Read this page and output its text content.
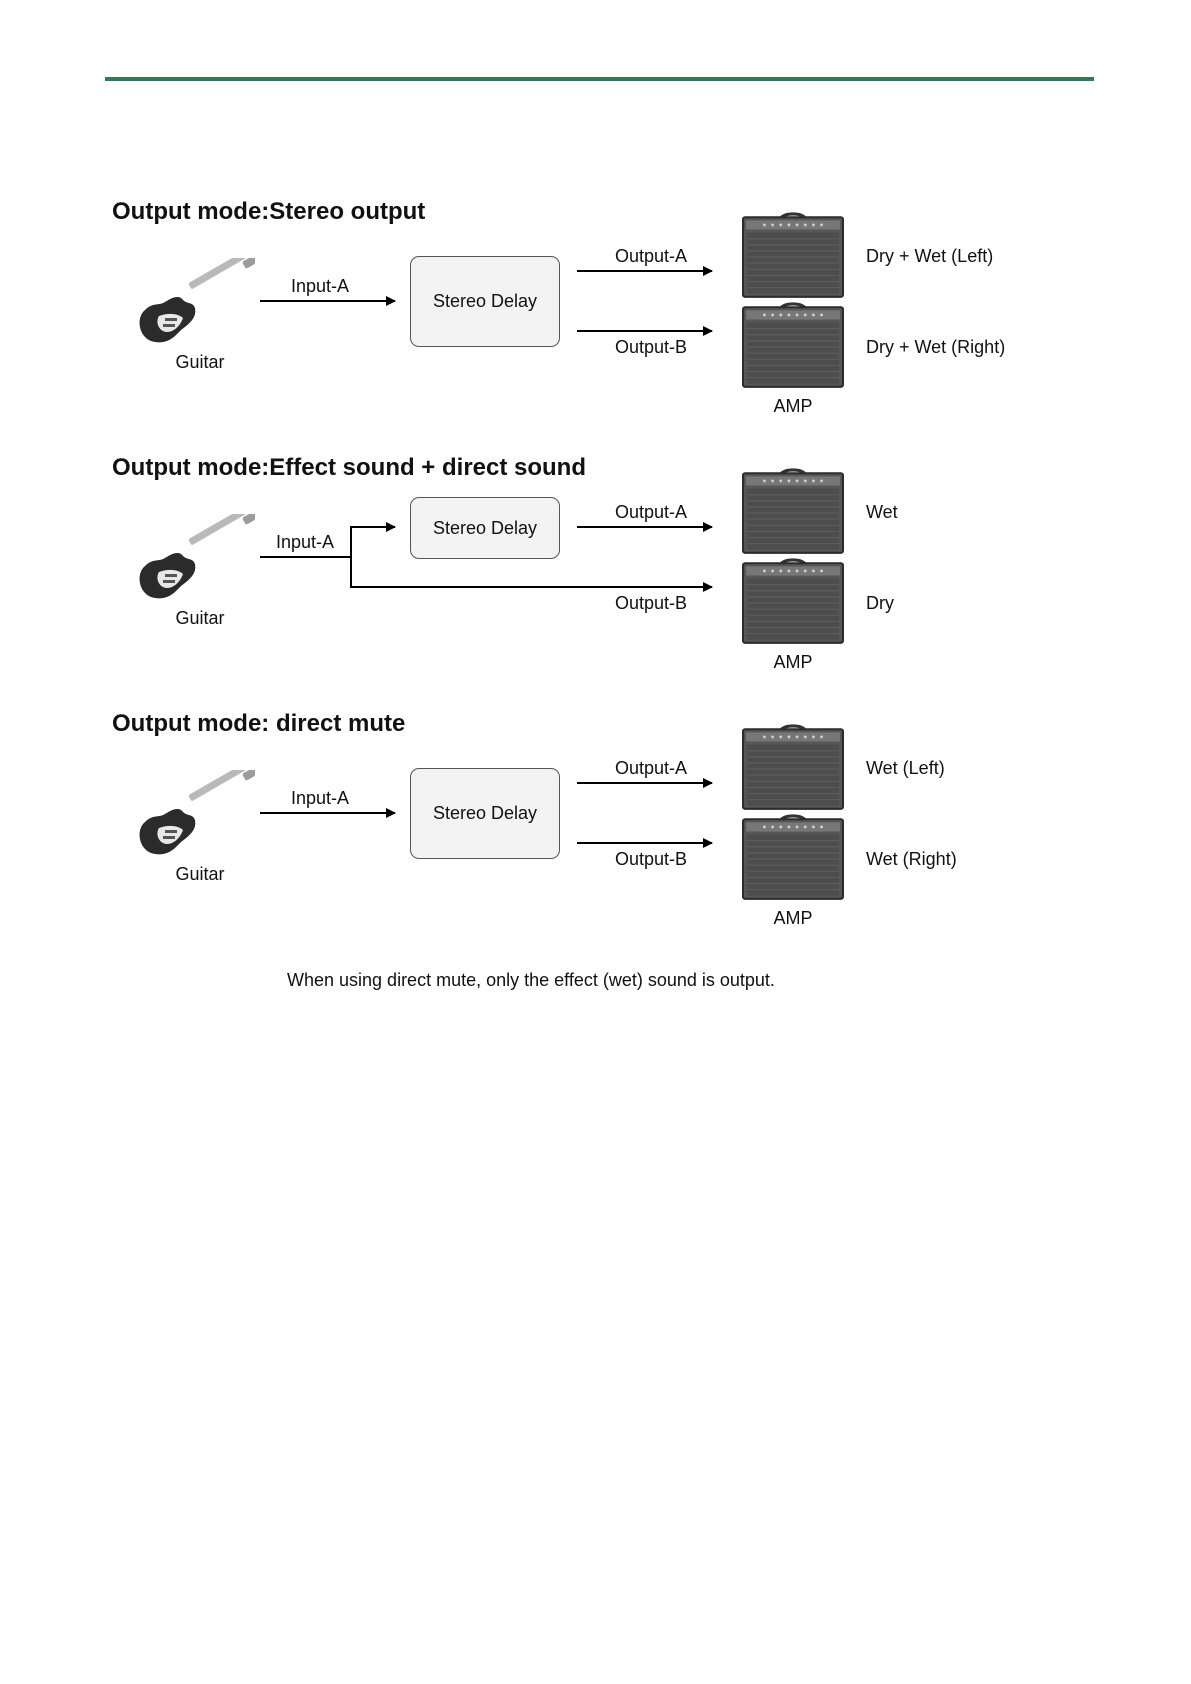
Output mode:Stereo output
Input-A
Stereo Delay
Output-A
Output-B
Guitar
AMP
Dry + Wet (Left)
Dry + Wet (Right)
Output mode:Effect sound + direct sound
Input-A
Stereo Delay
Output-A
Output-B
Guitar
AMP
Wet
Dry
Output mode: direct mute
Input-A
Stereo Delay
Output-A
Output-B
Guitar
AMP
Wet (Left)
Wet (Right)
When using direct mute, only the effect (wet) sound is output.
